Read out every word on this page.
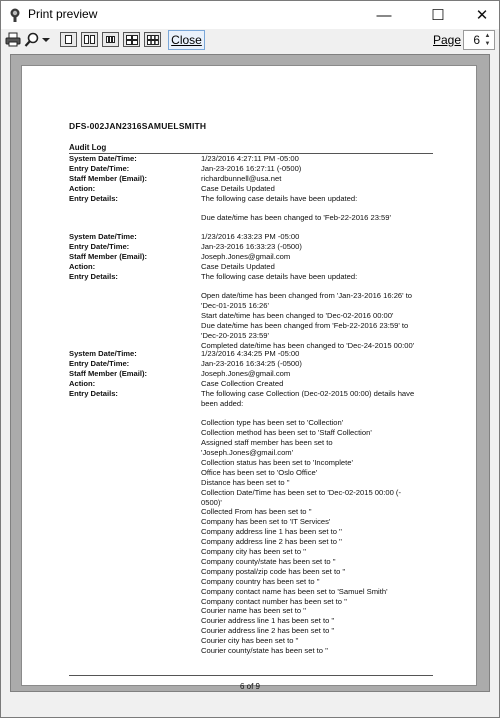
Print preview	—	☐	✕
Close	Page 6 ▲
▼
DFS-002JAN2316SAMUELSMITH
Audit Log
System Date/Time:	1/23/2016 4:27:11 PM -05:00
Entry Date/Time:	Jan-23-2016 16:27:11 (-0500)
Staff Member (Email):	richardbunnell@usa.net
Action:	Case Details Updated
Entry Details:	The following case details have been updated:
Due date/time has been changed to 'Feb-22-2016 23:59'
System Date/Time:	1/23/2016 4:33:23 PM -05:00
Entry Date/Time:	Jan-23-2016 16:33:23 (-0500)
Staff Member (Email):	Joseph.Jones@gmail.com
Action:	Case Details Updated
Entry Details:	The following case details have been updated:
Open date/time has been changed from 'Jan-23-2016 16:26' to
'Dec-01-2015 16:26'
Start date/time has been changed to 'Dec-02-2016 00:00'
Due date/time has been changed from 'Feb-22-2016 23:59' to
'Dec-20-2015 23:59'
Completed date/time has been changed to 'Dec-24-2015 00:00'
System Date/Time:	1/23/2016 4:34:25 PM -05:00
Entry Date/Time:	Jan-23-2016 16:34:25 (-0500)
Staff Member (Email):	Joseph.Jones@gmail.com
Action:	Case Collection Created
Entry Details:	The following case Collection (Dec-02-2015 00:00) details have
been added:
Collection type has been set to 'Collection'
Collection method has been set to 'Staff Collection'
Assigned staff member has been set to
'Joseph.Jones@gmail.com'
Collection status has been set to 'Incomplete'
Office has been set to 'Oslo Office'
Distance has been set to ''
Collection Date/Time has been set to 'Dec-02-2015 00:00 (-
0500)'
Collected From has been set to ''
Company has been set to 'IT Services'
Company address line 1 has been set to ''
Company address line 2 has been set to ''
Company city has been set to ''
Company county/state has been set to ''
Company postal/zip code has been set to ''
Company country has been set to ''
Company contact name has been set to 'Samuel Smith'
Company contact number has been set to ''
Courier name has been set to ''
Courier address line 1 has been set to ''
Courier address line 2 has been set to ''
Courier city has been set to ''
Courier county/state has been set to ''
6 of 9
